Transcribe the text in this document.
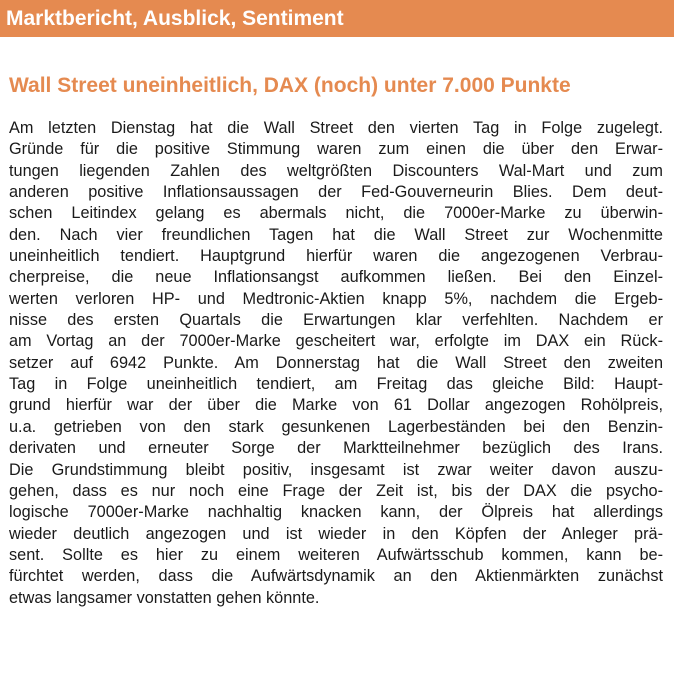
Marktbericht, Ausblick, Sentiment
Wall Street uneinheitlich, DAX (noch) unter 7.000 Punkte
Am letzten Dienstag hat die Wall Street den vierten Tag in Folge zugelegt.
Gründe für die positive Stimmung waren zum einen die über den Erwar-
tungen liegenden Zahlen des weltgrößten Discounters Wal-Mart und zum
anderen positive Inflationsaussagen der Fed-Gouverneurin Blies. Dem deut-
schen Leitindex gelang es abermals nicht, die 7000er-Marke zu überwin-
den. Nach vier freundlichen Tagen hat die Wall Street zur Wochenmitte
uneinheitlich tendiert. Hauptgrund hierfür waren die angezogenen Verbrau-
cherpreise, die neue Inflationsangst aufkommen ließen. Bei den Einzel-
werten verloren HP- und Medtronic-Aktien knapp 5%, nachdem die Ergeb-
nisse des ersten Quartals die Erwartungen klar verfehlten. Nachdem er
am Vortag an der 7000er-Marke gescheitert war, erfolgte im DAX ein Rück-
setzer auf 6942 Punkte. Am Donnerstag hat die Wall Street den zweiten
Tag in Folge uneinheitlich tendiert, am Freitag das gleiche Bild: Haupt-
grund hierfür war der über die Marke von 61 Dollar angezogen Rohölpreis,
u.a. getrieben von den stark gesunkenen Lagerbeständen bei den Benzin-
derivaten und erneuter Sorge der Marktteilnehmer bezüglich des Irans.
Die Grundstimmung bleibt positiv, insgesamt ist zwar weiter davon auszu-
gehen, dass es nur noch eine Frage der Zeit ist, bis der DAX die psycho-
logische 7000er-Marke nachhaltig knacken kann, der Ölpreis hat allerdings
wieder deutlich angezogen und ist wieder in den Köpfen der Anleger prä-
sent. Sollte es hier zu einem weiteren Aufwärtsschub kommen, kann be-
fürchtet werden, dass die Aufwärtsdynamik an den Aktienmärkten zunächst
etwas langsamer vonstatten gehen könnte.
